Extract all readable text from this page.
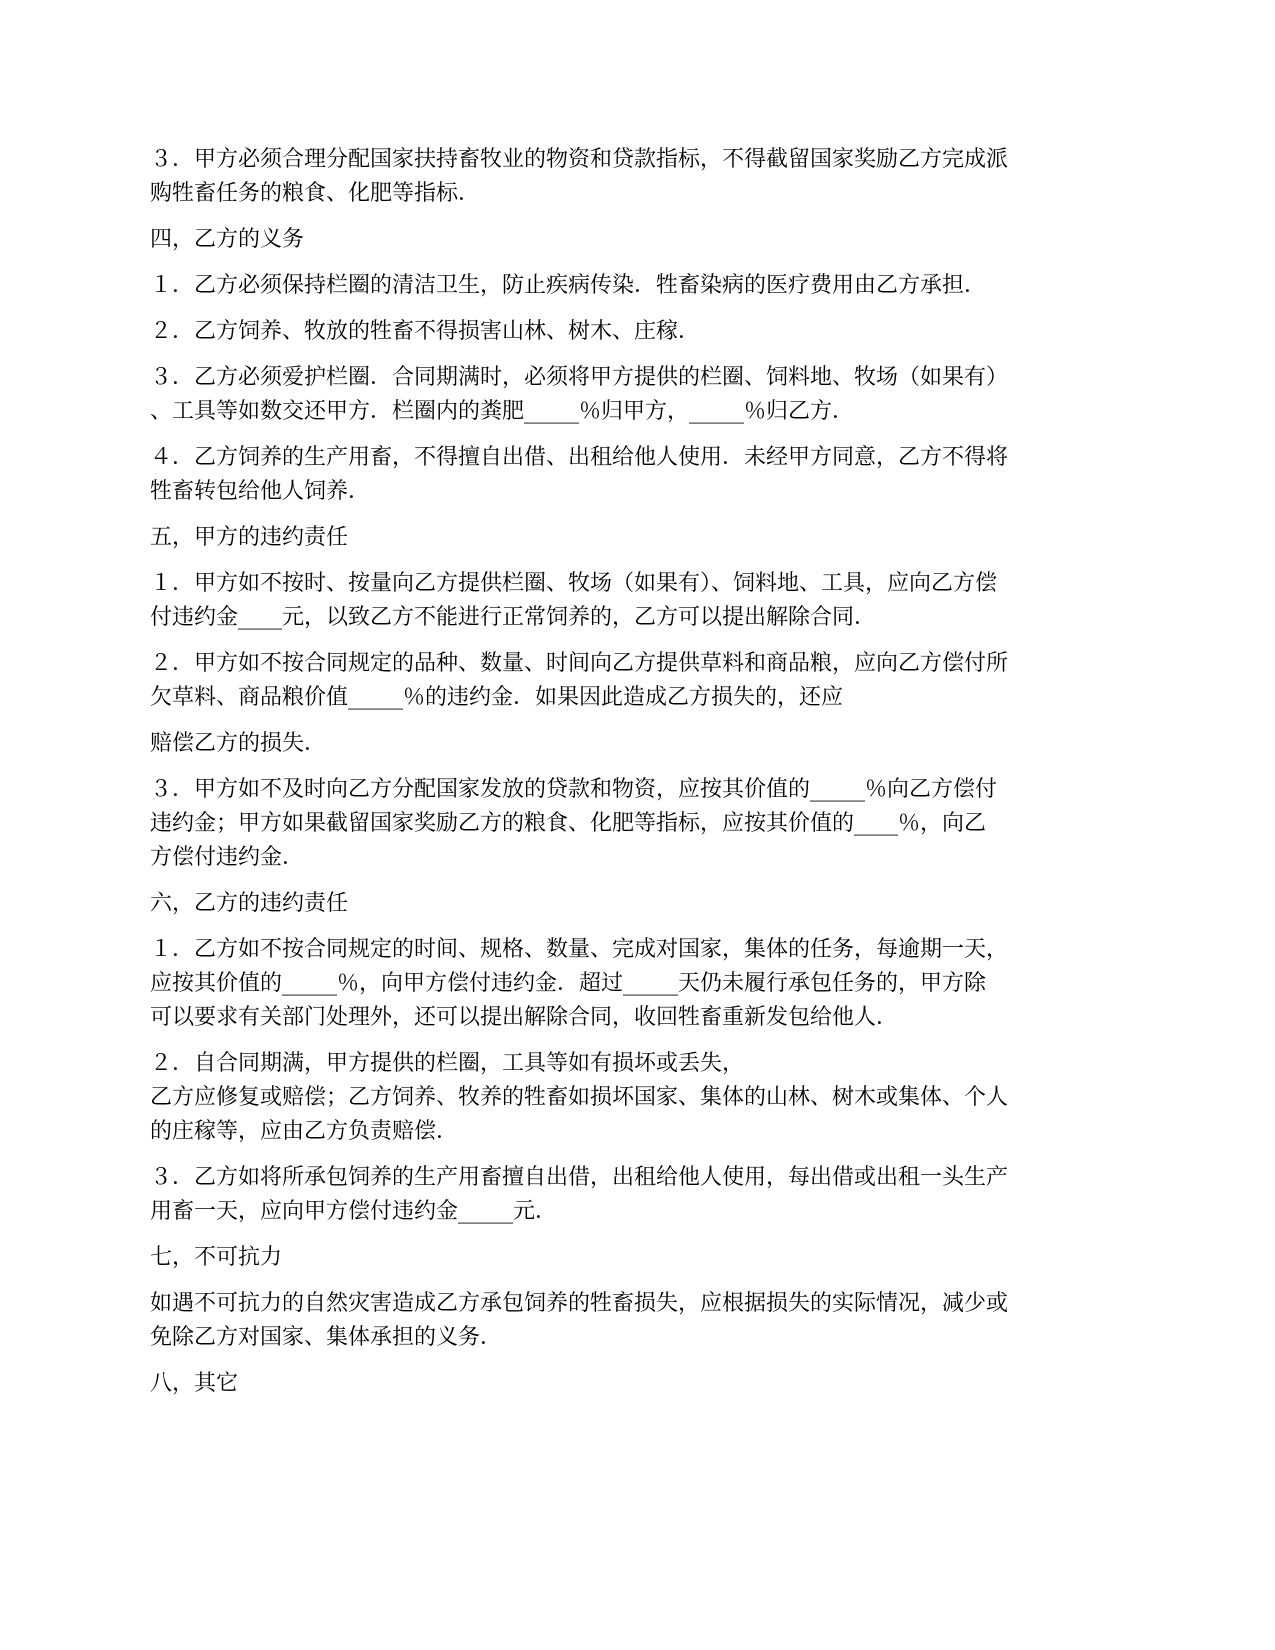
３．甲方必须合理分配国家扶持畜牧业的物资和贷款指标，不得截留国家奖励乙方完成派
购牲畜任务的粮食、化肥等指标．

四，乙方的义务

１．乙方必须保持栏圈的清洁卫生，防止疾病传染．牲畜染病的医疗费用由乙方承担．

２．乙方饲养、牧放的牲畜不得损害山林、树木、庄稼．

３．乙方必须爱护栏圈．合同期满时，必须将甲方提供的栏圈、饲料地、牧场（如果有）
、工具等如数交还甲方．栏圈内的粪肥_____％归甲方，_____％归乙方．

４．乙方饲养的生产用畜，不得擅自出借、出租给他人使用．未经甲方同意，乙方不得将
牲畜转包给他人饲养．

五，甲方的违约责任

１．甲方如不按时、按量向乙方提供栏圈、牧场（如果有）、饲料地、工具，应向乙方偿
付违约金____元，以致乙方不能进行正常饲养的，乙方可以提出解除合同．

２．甲方如不按合同规定的品种、数量、时间向乙方提供草料和商品粮，应向乙方偿付所
欠草料、商品粮价值_____％的违约金．如果因此造成乙方损失的，还应

赔偿乙方的损失．

３．甲方如不及时向乙方分配国家发放的贷款和物资，应按其价值的_____％向乙方偿付
违约金；甲方如果截留国家奖励乙方的粮食、化肥等指标，应按其价值的____％，向乙
方偿付违约金．

六，乙方的违约责任

１．乙方如不按合同规定的时间、规格、数量、完成对国家，集体的任务，每逾期一天，
应按其价值的_____％，向甲方偿付违约金．超过_____天仍未履行承包任务的，甲方除
可以要求有关部门处理外，还可以提出解除合同，收回牲畜重新发包给他人．

２．自合同期满，甲方提供的栏圈，工具等如有损坏或丢失，
乙方应修复或赔偿；乙方饲养、牧养的牲畜如损坏国家、集体的山林、树木或集体、个人
的庄稼等，应由乙方负责赔偿．

３．乙方如将所承包饲养的生产用畜擅自出借，出租给他人使用，每出借或出租一头生产
用畜一天，应向甲方偿付违约金_____元．

七，不可抗力

如遇不可抗力的自然灾害造成乙方承包饲养的牲畜损失，应根据损失的实际情况，减少或
免除乙方对国家、集体承担的义务．

八，其它
